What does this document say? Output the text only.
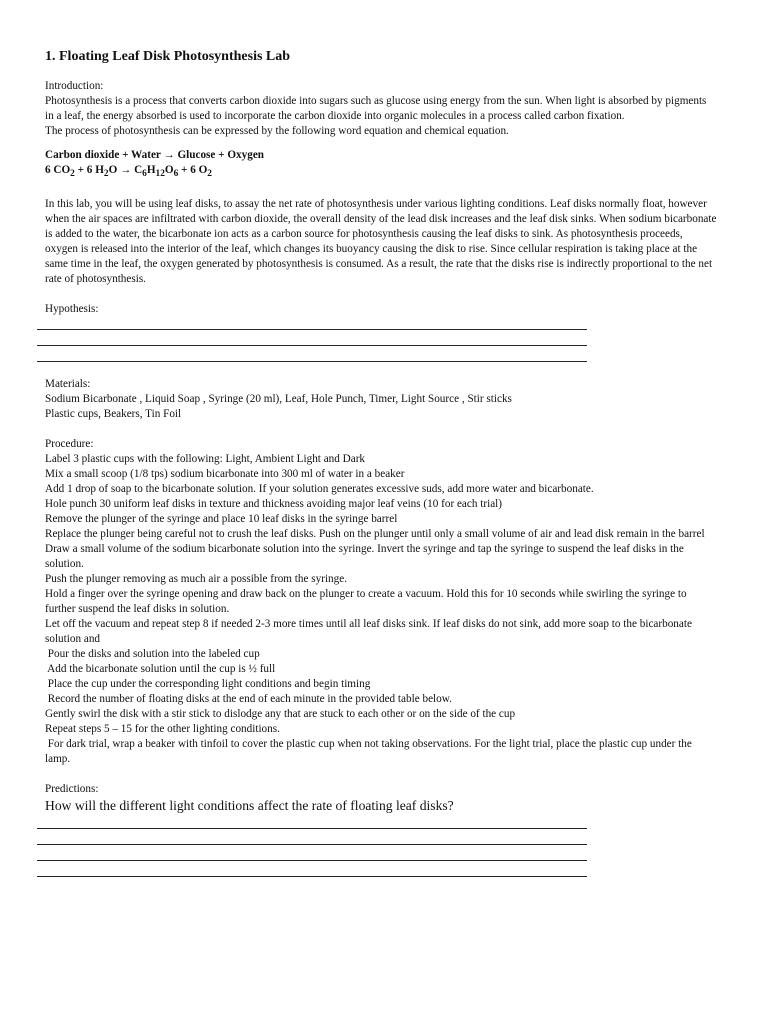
1. Floating Leaf Disk Photosynthesis Lab

Introduction:

Photosynthesis is a process that converts carbon dioxide into sugars such as glucose using energy from the sun. When light is absorbed by pigments in a leaf, the energy absorbed is used to incorporate the carbon dioxide into organic molecules in a process called carbon fixation.

The process of photosynthesis can be expressed by the following word equation and chemical equation.

Carbon dioxide + Water → Glucose + Oxygen

6 $CO_2 + 6$ $H_2O \to C_6H_{12}O_6 + 6$ $O_2$

In this lab, you will be using leaf disks, to assay the net rate of photosynthesis under various lighting conditions. Leaf disks normally float, however when the air spaces are infiltrated with carbon dioxide, the overall density of the lead disk increases and the leaf disk sinks. When sodium bicarbonate is added to the water, the bicarbonate ion acts as a carbon source for photosynthesis causing the leaf disks to sink. As photosynthesis proceeds, oxygen is released into the interior of the leaf, which changes its buoyancy causing the disk to rise. Since cellular respiration is taking place at the same time in the leaf, the oxygen generated by photosynthesis is consumed. As a result, the rate that the disks rise is indirectly proportional to the net rate of photosynthesis.

Hypothesis:

Materials:

Sodium Bicarbonate , Liquid Soap , Syringe (20 ml), Leaf, Hole Punch, Timer, Light Source , Stir sticks

Plastic cups, Beakers, Tin Foil

Procedure:

Label 3 plastic cups with the following: Light, Ambient Light and Dark

Mix a small scoop (1/8 tps) sodium bicarbonate into 300 ml of water in a beaker

Add 1 drop of soap to the bicarbonate solution. If your solution generates excessive suds, add more water and bicarbonate.

Hole punch 30 uniform leaf disks in texture and thickness avoiding major leaf veins (10 for each trial)

Remove the plunger of the syringe and place 10 leaf disks in the syringe barrel

Replace the plunger being careful not to crush the leaf disks. Push on the plunger until only a small volume of air and lead disk remain in the barrel

Draw a small volume of the sodium bicarbonate solution into the syringe. Invert the syringe and tap the syringe to suspend the leaf disks in the solution.

Push the plunger removing as much air a possible from the syringe.

Hold a finger over the syringe opening and draw back on the plunger to create a vacuum. Hold this for 10 seconds while swirling the syringe to further suspend the leaf disks in solution.

Let off the vacuum and repeat step 8 if needed 2-3 more times until all leaf disks sink. If leaf disks do not sink, add more soap to the bicarbonate solution and

Pour the disks and solution into the labeled cup

Add the bicarbonate solution until the cup is ½ full

Place the cup under the corresponding light conditions and begin timing

Record the number of floating disks at the end of each minute in the provided table below.

Gently swirl the disk with a stir stick to dislodge any that are stuck to each other or on the side of the cup

Repeat steps 5 – 15 for the other lighting conditions.

For dark trial, wrap a beaker with tinfoil to cover the plastic cup when not taking observations. For the light trial, place the plastic cup under the lamp.

Predictions:

How will the different light conditions affect the rate of floating leaf disks?
